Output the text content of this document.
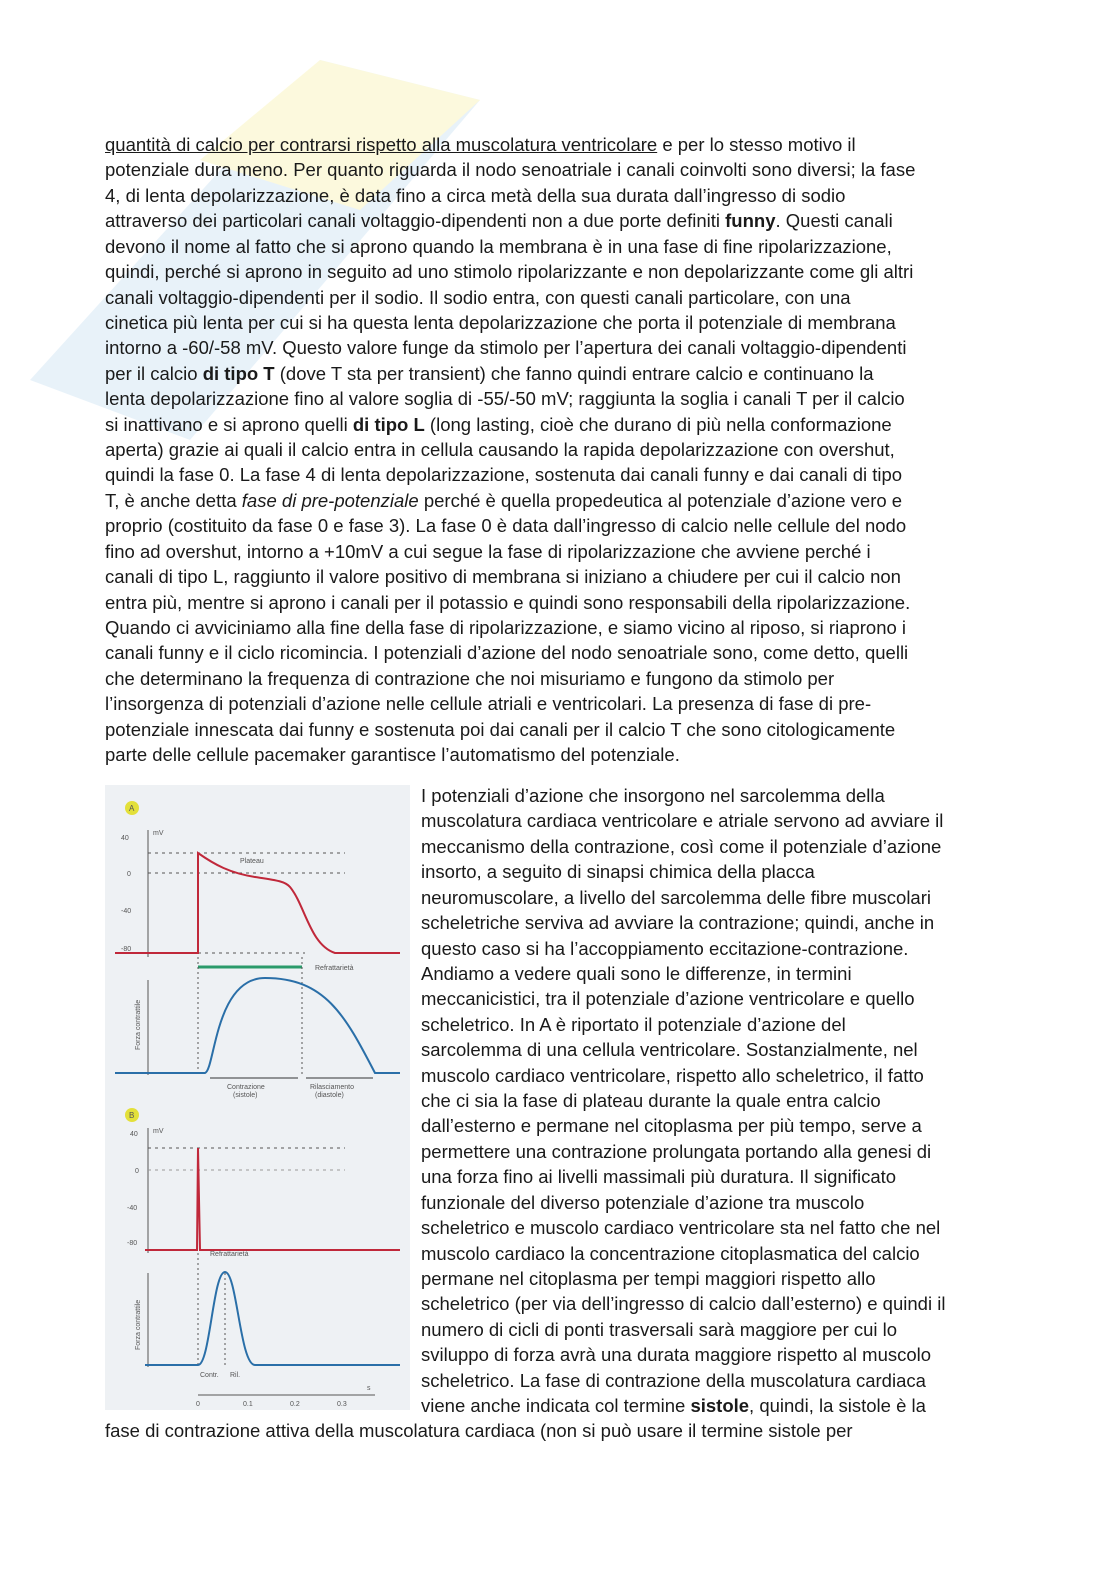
quantità di calcio per contrarsi rispetto alla muscolatura ventricolare e per lo stesso motivo il
potenziale dura meno. Per quanto riguarda il nodo senoatriale i canali coinvolti sono diversi; la fase
4, di lenta depolarizzazione, è data fino a circa metà della sua durata dall’ingresso di sodio
attraverso dei particolari canali voltaggio-dipendenti non a due porte definiti funny. Questi canali
devono il nome al fatto che si aprono quando la membrana è in una fase di fine ripolarizzazione,
quindi, perché si aprono in seguito ad uno stimolo ripolarizzante e non depolarizzante come gli altri
canali voltaggio-dipendenti per il sodio. Il sodio entra, con questi canali particolare, con una
cinetica più lenta per cui si ha questa lenta depolarizzazione che porta il potenziale di membrana
intorno a -60/-58 mV. Questo valore funge da stimolo per l’apertura dei canali voltaggio-dipendenti
per il calcio di tipo T (dove T sta per transient) che fanno quindi entrare calcio e continuano la
lenta depolarizzazione fino al valore soglia di -55/-50 mV; raggiunta la soglia i canali T per il calcio
si inattivano e si aprono quelli di tipo L (long lasting, cioè che durano di più nella conformazione
aperta) grazie ai quali il calcio entra in cellula causando la rapida depolarizzazione con overshut,
quindi la fase 0. La fase 4 di lenta depolarizzazione, sostenuta dai canali funny e dai canali di tipo
T, è anche detta fase di pre-potenziale perché è quella propedeutica al potenziale d’azione vero e
proprio (costituito da fase 0 e fase 3). La fase 0 è data dall’ingresso di calcio nelle cellule del nodo
fino ad overshut, intorno a +10mV a cui segue la fase di ripolarizzazione che avviene perché i
canali di tipo L, raggiunto il valore positivo di membrana si iniziano a chiudere per cui il calcio non
entra più, mentre si aprono i canali per il potassio e quindi sono responsabili della ripolarizzazione.
Quando ci avviciniamo alla fine della fase di ripolarizzazione, e siamo vicino al riposo, si riaprono i
canali funny e il ciclo ricomincia. I potenziali d’azione del nodo senoatriale sono, come detto, quelli
che determinano la frequenza di contrazione che noi misuriamo e fungono da stimolo per
l’insorgenza di potenziali d’azione nelle cellule atriali e ventricolari. La presenza di fase di pre-
potenziale innescata dai funny e sostenuta poi dai canali per il calcio T che sono citologicamente
parte delle cellule pacemaker garantisce l’automatismo del potenziale.
I potenziali d’azione che insorgono nel sarcolemma della
muscolatura cardiaca ventricolare e atriale servono ad avviare il
meccanismo della contrazione, così come il potenziale d’azione
insorto, a seguito di sinapsi chimica della placca
neuromuscolare, a livello del sarcolemma delle fibre muscolari
scheletriche serviva ad avviare la contrazione; quindi, anche in
questo caso si ha l’accoppiamento eccitazione-contrazione.
Andiamo a vedere quali sono le differenze, in termini
meccanicistici, tra il potenziale d’azione ventricolare e quello
scheletrico. In A è riportato il potenziale d’azione del
sarcolemma di una cellula ventricolare. Sostanzialmente, nel
muscolo cardiaco ventricolare, rispetto allo scheletrico, il fatto
che ci sia la fase di plateau durante la quale entra calcio
dall’esterno e permane nel citoplasma per più tempo, serve a
permettere una contrazione prolungata portando alla genesi di
una forza fino ai livelli massimali più duratura. Il significato
funzionale del diverso potenziale d’azione tra muscolo
scheletrico e muscolo cardiaco ventricolare sta nel fatto che nel
muscolo cardiaco la concentrazione citoplasmatica del calcio
permane nel citoplasma per tempi maggiori rispetto allo
scheletrico (per via dell’ingresso di calcio dall’esterno) e quindi il
numero di cicli di ponti trasversali sarà maggiore per cui lo
sviluppo di forza avrà una durata maggiore rispetto al muscolo
scheletrico. La fase di contrazione della muscolatura cardiaca
viene anche indicata col termine sistole, quindi, la sistole è la
fase di contrazione attiva della muscolatura cardiaca (non si può usare il termine sistole per
A
mV
40
0
-40
-80
Plateau
Refrattarietà
Forza contrattile
Contrazione
(sistole)
Rilasciamento
(diastole)
B
mV
40
0
-40
-80
Refrattarietà
Forza contrattile
Contr. Ril.
s
0	0.1	0.2	0.3
